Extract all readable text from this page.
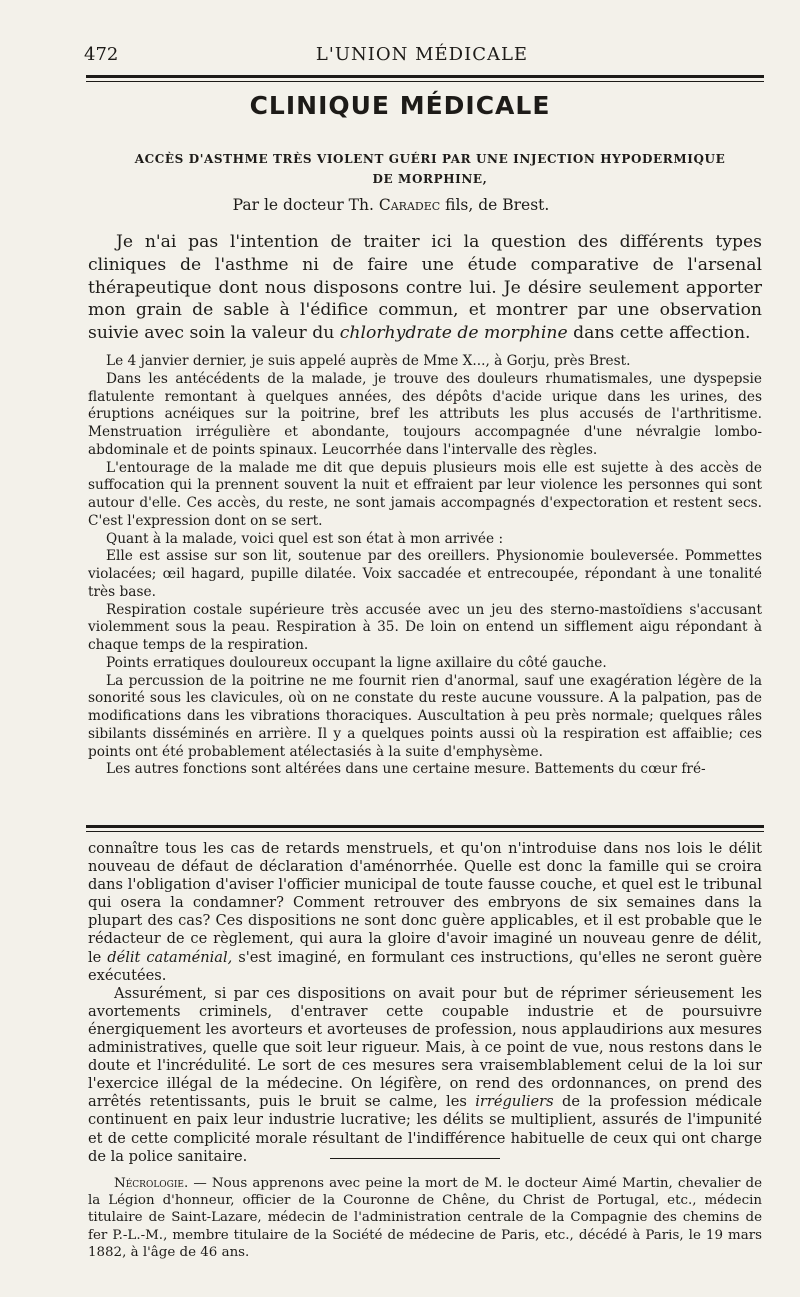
472	L'UNION MÉDICALE
CLINIQUE MÉDICALE
ACCÈS D'ASTHME TRÈS VIOLENT GUÉRI PAR UNE INJECTION HYPODERMIQUE
DE MORPHINE,
Par le docteur Th. Caradec fils, de Brest.

Je n'ai pas l'intention de traiter ici la question des différents types cliniques de l'asthme ni de faire une étude comparative de l'arsenal thérapeutique dont nous disposons contre lui. Je désire seulement apporter mon grain de sable à l'édifice commun, et montrer par une observation suivie avec soin la valeur du chlorhydrate de morphine dans cette affection.

Le 4 janvier dernier, je suis appelé auprès de Mme X..., à Gorju, près Brest.

Dans les antécédents de la malade, je trouve des douleurs rhumatismales, une dyspepsie flatulente remontant à quelques années, des dépôts d'acide urique dans les urines, des éruptions acnéiques sur la poitrine, bref les attributs les plus accusés de l'arthritisme. Menstruation irrégulière et abondante, toujours accompagnée d'une névralgie lombo-abdominale et de points spinaux. Leucorrhée dans l'intervalle des règles.

L'entourage de la malade me dit que depuis plusieurs mois elle est sujette à des accès de suffocation qui la prennent souvent la nuit et effraient par leur violence les personnes qui sont autour d'elle. Ces accès, du reste, ne sont jamais accompagnés d'expectoration et restent secs. C'est l'expression dont on se sert.

Quant à la malade, voici quel est son état à mon arrivée :

Elle est assise sur son lit, soutenue par des oreillers. Physionomie bouleversée. Pommettes violacées; œil hagard, pupille dilatée. Voix saccadée et entrecoupée, répondant à une tonalité très base.

Respiration costale supérieure très accusée avec un jeu des sterno-mastoïdiens s'accusant violemment sous la peau. Respiration à 35. De loin on entend un sifflement aigu répondant à chaque temps de la respiration.

Points erratiques douloureux occupant la ligne axillaire du côté gauche.

La percussion de la poitrine ne me fournit rien d'anormal, sauf une exagération légère de la sonorité sous les clavicules, où on ne constate du reste aucune voussure. A la palpation, pas de modifications dans les vibrations thoraciques. Auscultation à peu près normale; quelques râles sibilants disséminés en arrière. Il y a quelques points aussi où la respiration est affaiblie; ces points ont été probablement atélectasiés à la suite d'emphysème.

Les autres fonctions sont altérées dans une certaine mesure. Battements du cœur fré-

connaître tous les cas de retards menstruels, et qu'on n'introduise dans nos lois le délit nouveau de défaut de déclaration d'aménorrhée. Quelle est donc la famille qui se croira dans l'obligation d'aviser l'officier municipal de toute fausse couche, et quel est le tribunal qui osera la condamner? Comment retrouver des embryons de six semaines dans la plupart des cas? Ces dispositions ne sont donc guère applicables, et il est probable que le rédacteur de ce règlement, qui aura la gloire d'avoir imaginé un nouveau genre de délit, le délit cataménial, s'est imaginé, en formulant ces instructions, qu'elles ne seront guère exécutées.

Assurément, si par ces dispositions on avait pour but de réprimer sérieusement les avortements criminels, d'entraver cette coupable industrie et de poursuivre énergiquement les avorteurs et avorteuses de profession, nous applaudirions aux mesures administratives, quelle que soit leur rigueur. Mais, à ce point de vue, nous restons dans le doute et l'incrédulité. Le sort de ces mesures sera vraisemblablement celui de la loi sur l'exercice illégal de la médecine. On légifère, on rend des ordonnances, on prend des arrêtés retentissants, puis le bruit se calme, les irréguliers de la profession médicale continuent en paix leur industrie lucrative; les délits se multiplient, assurés de l'impunité et de cette complicité morale résultant de l'indifférence habituelle de ceux qui ont charge de la police sanitaire.

Nécrologie. — Nous apprenons avec peine la mort de M. le docteur Aimé Martin, chevalier de la Légion d'honneur, officier de la Couronne de Chêne, du Christ de Portugal, etc., médecin titulaire de Saint-Lazare, médecin de l'administration centrale de la Compagnie des chemins de fer P.-L.-M., membre titulaire de la Société de médecine de Paris, etc., décédé à Paris, le 19 mars 1882, à l'âge de 46 ans.
